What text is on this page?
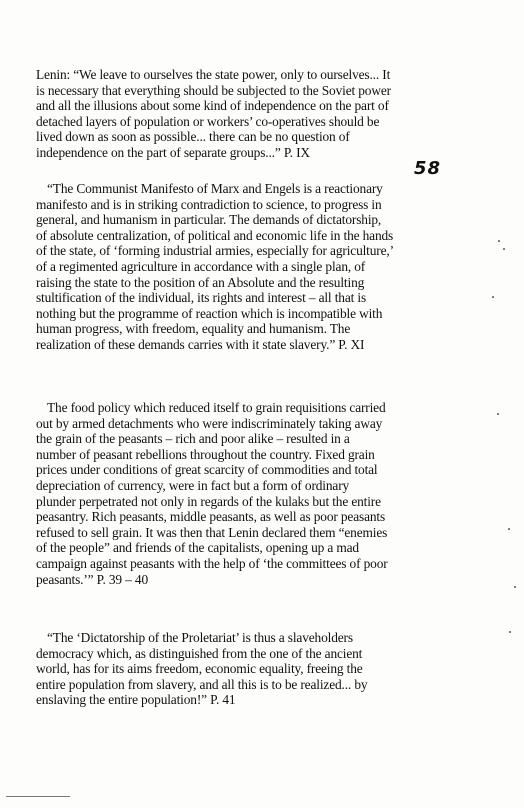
Lenin: “We leave to ourselves the state power, only to ourselves... It
is necessary that everything should be subjected to the Soviet power
and all the illusions about some kind of independence on the part of
detached layers of population or workers’ co-operatives should be
lived down as soon as possible... there can be no question of
independence on the part of separate groups...” P. IX

58

“The Communist Manifesto of Marx and Engels is a reactionary
manifesto and is in striking contradiction to science, to progress in
general, and humanism in particular. The demands of dictatorship,
of absolute centralization, of political and economic life in the hands
of the state, of ‘forming industrial armies, especially for agriculture,’
of a regimented agriculture in accordance with a single plan, of
raising the state to the position of an Absolute and the resulting
stultification of the individual, its rights and interest – all that is
nothing but the programme of reaction which is incompatible with
human progress, with freedom, equality and humanism. The
realization of these demands carries with it state slavery.” P. XI

The food policy which reduced itself to grain requisitions carried
out by armed detachments who were indiscriminately taking away
the grain of the peasants – rich and poor alike – resulted in a
number of peasant rebellions throughout the country. Fixed grain
prices under conditions of great scarcity of commodities and total
depreciation of currency, were in fact but a form of ordinary
plunder perpetrated not only in regards of the kulaks but the entire
peasantry. Rich peasants, middle peasants, as well as poor peasants
refused to sell grain. It was then that Lenin declared them “enemies
of the people” and friends of the capitalists, opening up a mad
campaign against peasants with the help of ‘the committees of poor
peasants.’” P. 39 – 40

“The ‘Dictatorship of the Proletariat’ is thus a slaveholders
democracy which, as distinguished from the one of the ancient
world, has for its aims freedom, economic equality, freeing the
entire population from slavery, and all this is to be realized... by
enslaving the entire population!” P. 41
